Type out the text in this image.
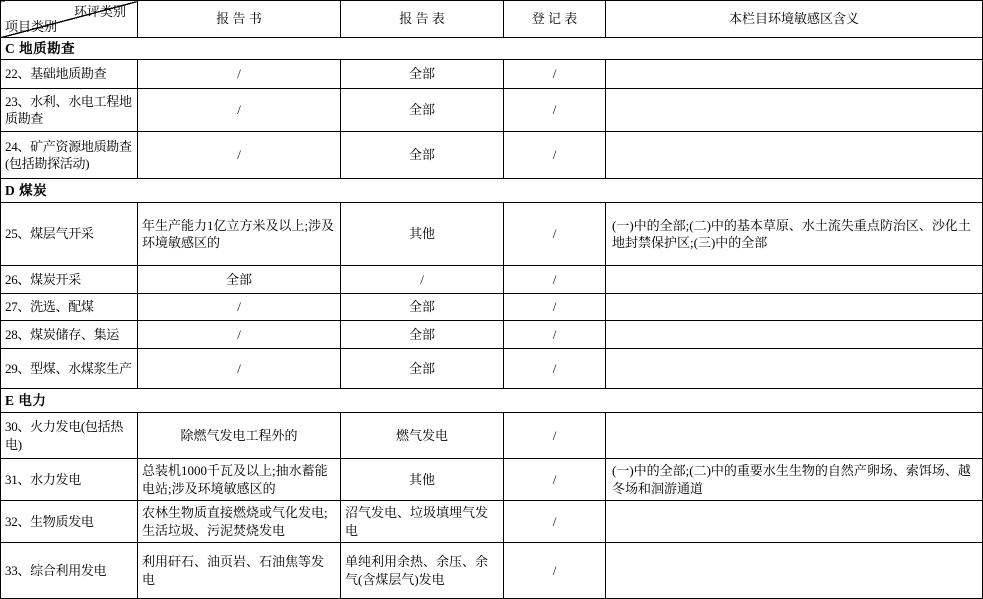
环评类别
项目类别	报 告 书	报 告 表	登 记 表	本栏目环境敏感区含义
C 地质勘查				
22、基础地质勘查	/	全部	/	
23、水利、水电工程地质勘查	/	全部	/	
24、矿产资源地质勘查(包括勘探活动)	/	全部	/	
D 煤炭				
25、煤层气开采	年生产能力1亿立方米及以上;涉及环境敏感区的	其他	/	(一)中的全部;(二)中的基本草原、水土流失重点防治区、沙化土地封禁保护区;(三)中的全部
26、煤炭开采	全部	/	/	
27、洗选、配煤	/	全部	/	
28、煤炭储存、集运	/	全部	/	
29、型煤、水煤浆生产	/	全部	/	
E 电力				
30、火力发电(包括热电)	除燃气发电工程外的	燃气发电	/	
31、水力发电	总装机1000千瓦及以上;抽水蓄能电站;涉及环境敏感区的	其他	/	(一)中的全部;(二)中的重要水生生物的自然产卵场、索饵场、越冬场和洄游通道
32、生物质发电	农林生物质直接燃烧或气化发电;生活垃圾、污泥焚烧发电	沼气发电、垃圾填埋气发电	/	
33、综合利用发电	利用矸石、油页岩、石油焦等发电	单纯利用余热、余压、余气(含煤层气)发电	/	
